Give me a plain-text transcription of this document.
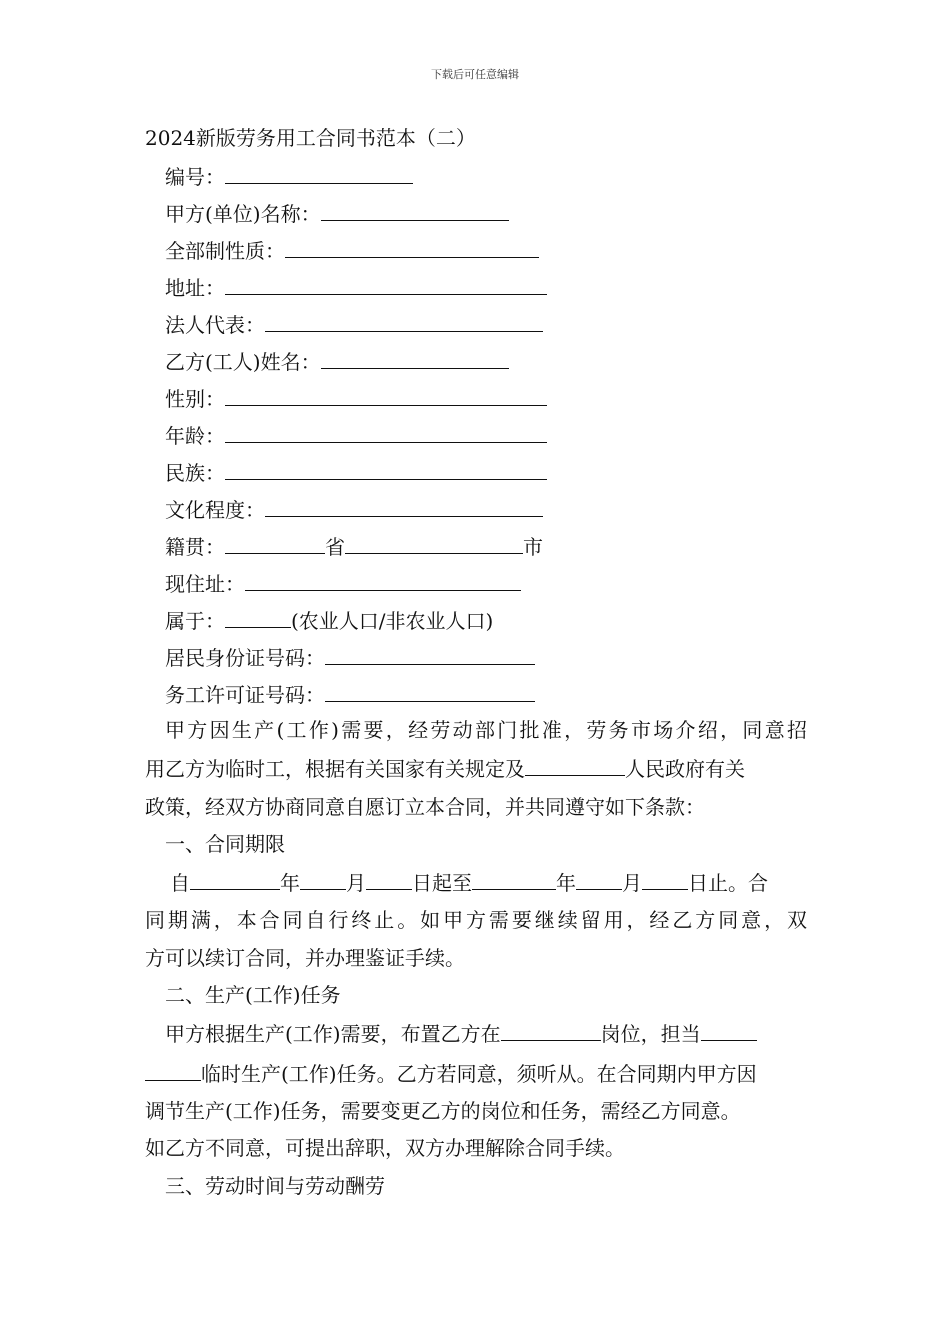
下载后可任意编辑
2024新版劳务用工合同书范本（二）
编号：
甲方(单位)名称：
全部制性质：
地址：
法人代表：
乙方(工人)姓名：
性别：
年龄：
民族：
文化程度：
籍贯：	省	市
现住址：
属于：	(农业人口/非农业人口)
居民身份证号码：
务工许可证号码：
甲方因生产(工作)需要，经劳动部门批准，劳务市场介绍，同意招
用乙方为临时工，根据有关国家有关规定及	人民政府有关
政策，经双方协商同意自愿订立本合同，并共同遵守如下条款：
一、合同期限
自	年 月 日起至	年 月 日止。合
同期满，本合同自行终止。如甲方需要继续留用，经乙方同意，双
方可以续订合同，并办理鉴证手续。
二、生产(工作)任务
甲方根据生产(工作)需要，布置乙方在	岗位，担当
临时生产(工作)任务。乙方若同意，须听从。在合同期内甲方因
调节生产(工作)任务，需要变更乙方的岗位和任务，需经乙方同意。
如乙方不同意，可提出辞职，双方办理解除合同手续。
三、劳动时间与劳动酬劳
